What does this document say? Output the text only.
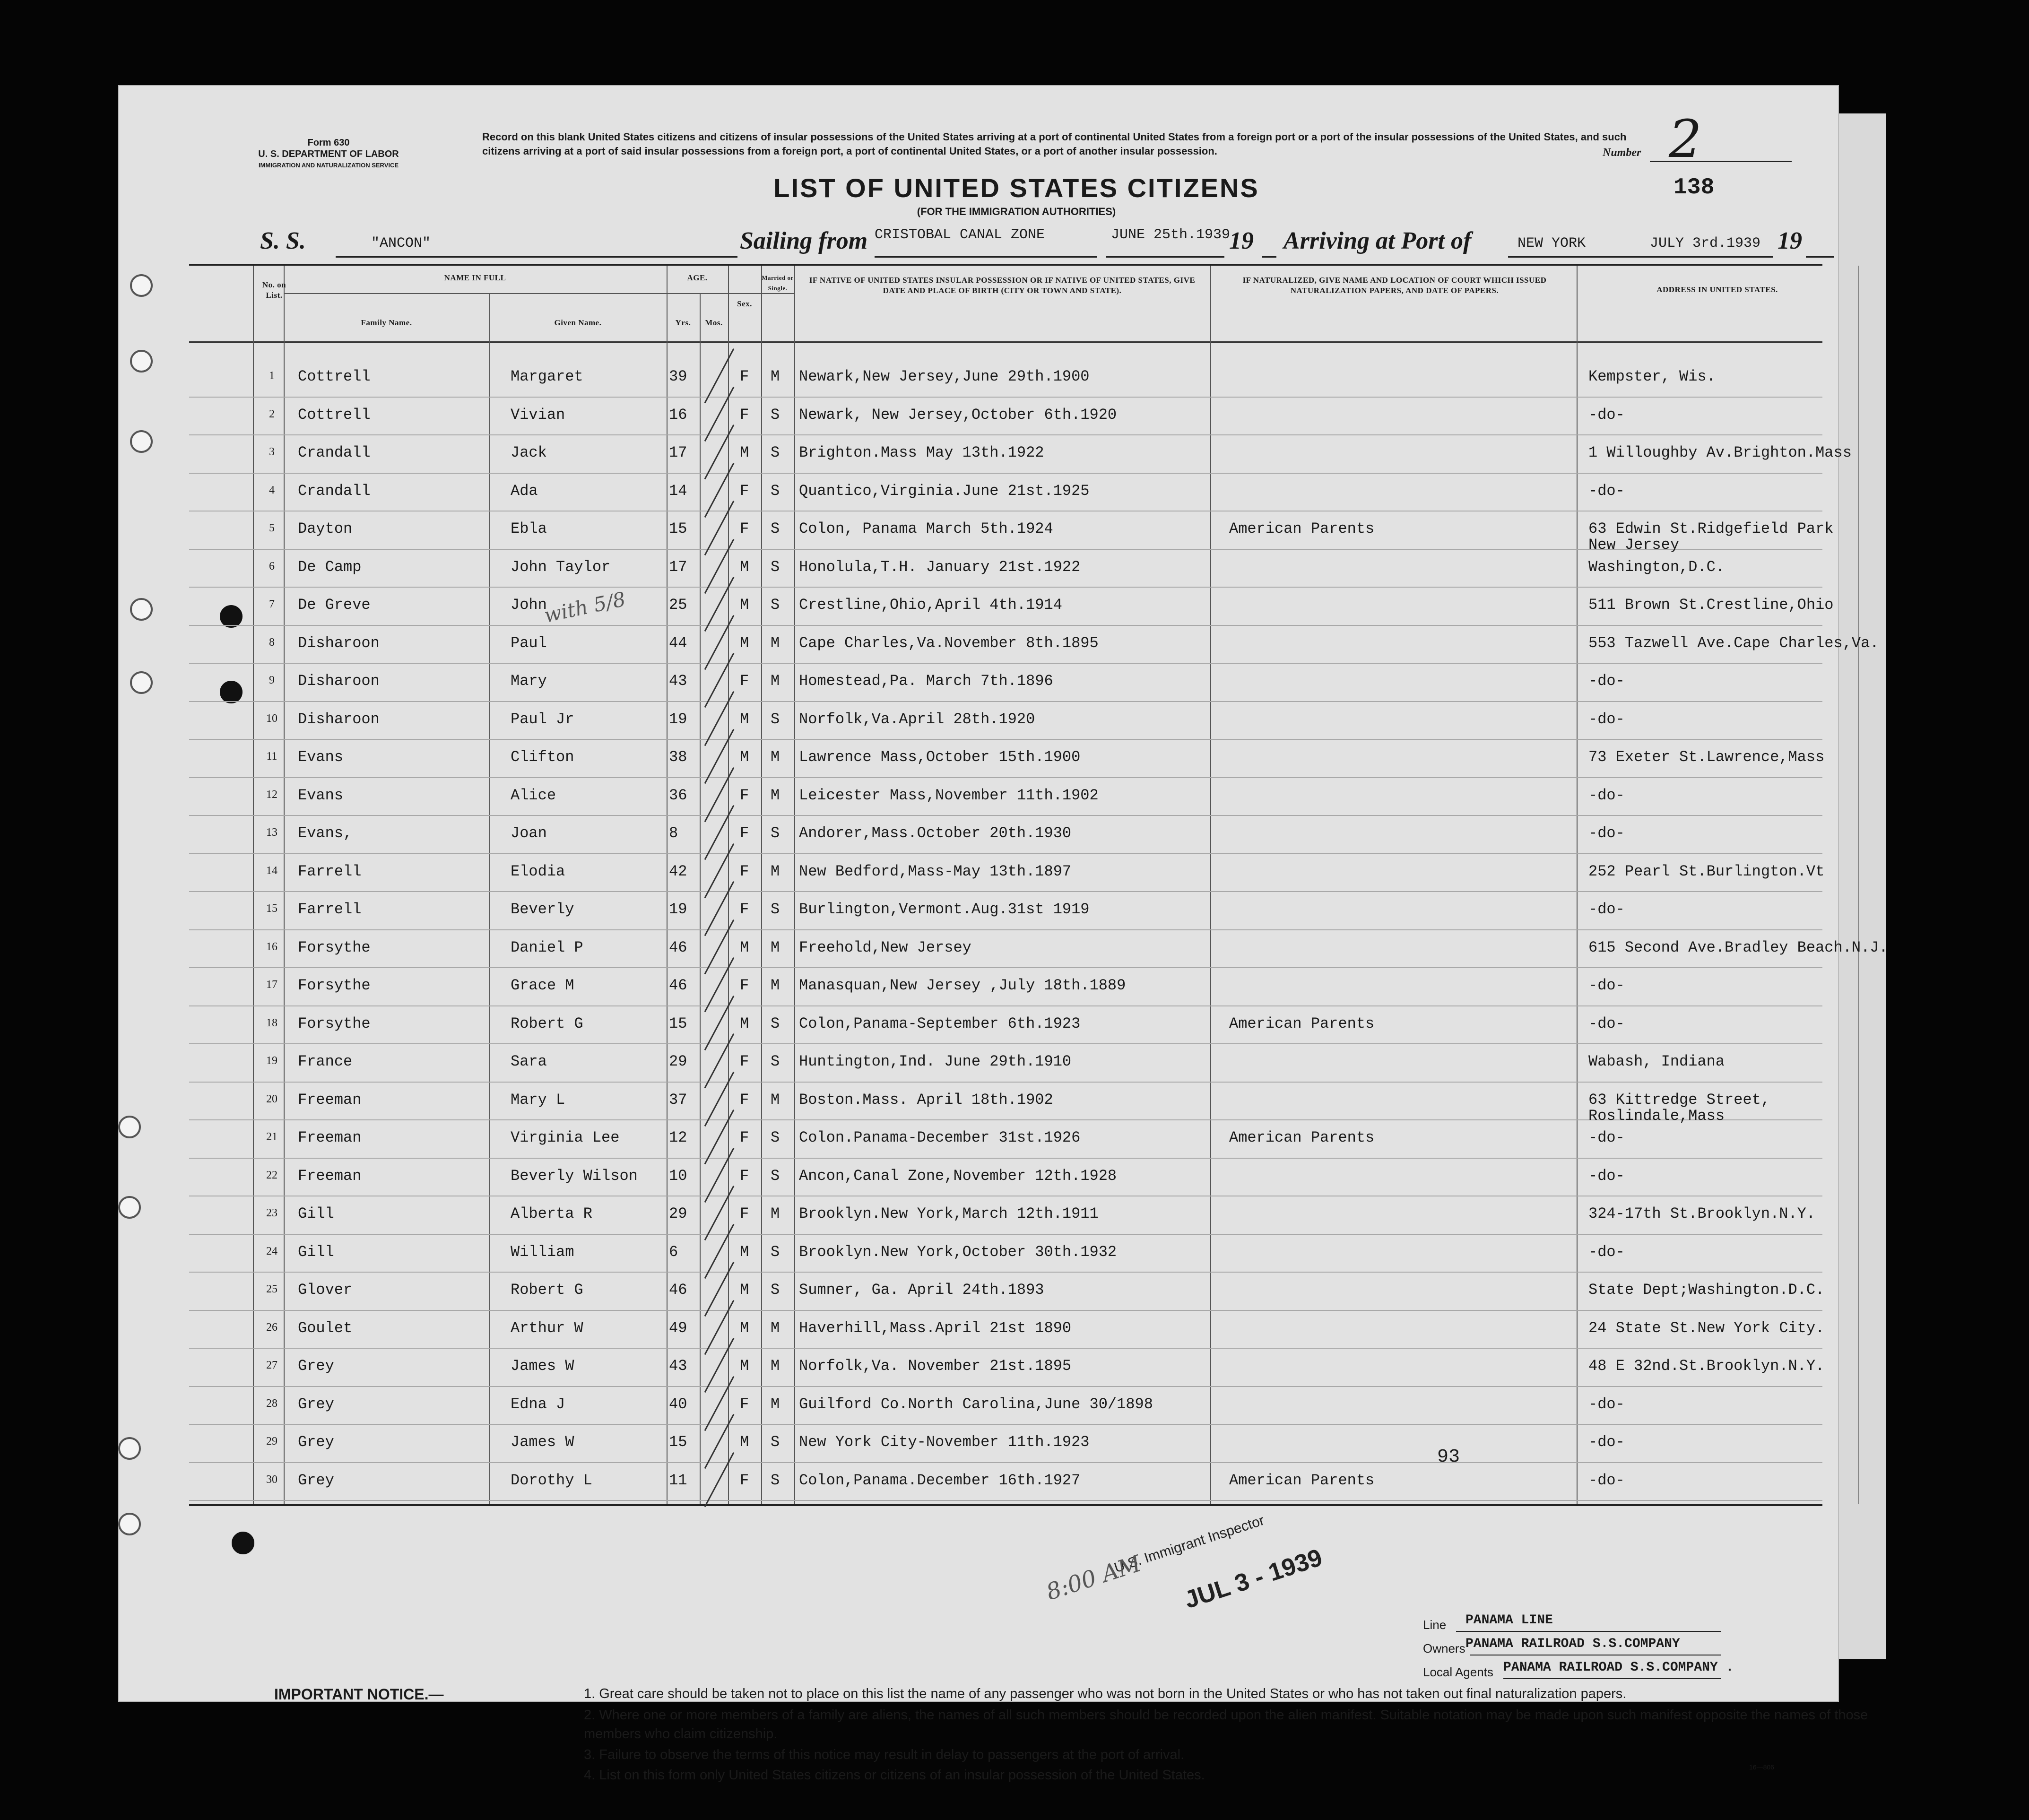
Form 630
U. S. DEPARTMENT OF LABOR
IMMIGRATION AND NATURALIZATION SERVICE
Record on this blank United States citizens and citizens of insular possessions of the United States arriving at a port of continental United States from a foreign port or a port of the insular possessions of the United States, and such citizens arriving at a port of said insular possessions from a foreign port, a port of continental United States, or a port of another insular possession.	Number 2
138
LIST OF UNITED STATES CITIZENS
(FOR THE IMMIGRATION AUTHORITIES)
S. S.	"ANCON"	Sailing from CRISTOBAL CANAL ZONE	JUNE 25th.1939
19 Arriving at Port of	NEW YORK	JULY 3rd.1939 19
No. on List.
NAME IN FULL
Family Name.	Given Name.
AGE.
Yrs.	Mos.
Sex.
Married or Single.
IF NATIVE OF UNITED STATES INSULAR POSSESSION OR IF NATIVE OF UNITED STATES, GIVE DATE AND PLACE OF BIRTH (CITY OR TOWN AND STATE).
IF NATURALIZED, GIVE NAME AND LOCATION OF COURT WHICH ISSUED NATURALIZATION PAPERS, AND DATE OF PAPERS.	ADDRESS IN UNITED STATES.
1	Cottrell	Margaret	39	F M Newark,New Jersey,June 29th.1900	Kempster, Wis.
2	Cottrell	Vivian	16	F S Newark, New Jersey,October 6th.1920	-do-
3	Crandall	Jack	17	M S Brighton.Mass May 13th.1922	1 Willoughby Av.Brighton.Mass
4	Crandall	Ada	14	F S Quantico,Virginia.June 21st.1925	-do-
5	Dayton	Ebla	15	F S Colon, Panama March 5th.1924	American Parents	63 Edwin St.Ridgefield Park
New Jersey
6	De Camp	John Taylor	17	M S Honolula,T.H. January 21st.1922	Washington,D.C.
7	De Greve	John	25	M S Crestline,Ohio,April 4th.1914	511 Brown St.Crestline,Ohio
8	Disharoon	Paul	44	M M Cape Charles,Va.November 8th.1895	553 Tazwell Ave.Cape Charles,Va.
9	Disharoon	Mary	43	F M Homestead,Pa. March 7th.1896	-do-
10	Disharoon	Paul Jr	19	M S Norfolk,Va.April 28th.1920	-do-
11	Evans	Clifton	38	M M Lawrence Mass,October 15th.1900	73 Exeter St.Lawrence,Mass
12	Evans	Alice	36	F M Leicester Mass,November 11th.1902	-do-
13	Evans,	Joan	8	F S Andorer,Mass.October 20th.1930	-do-
14	Farrell	Elodia	42	F M New Bedford,Mass-May 13th.1897	252 Pearl St.Burlington.Vt
15	Farrell	Beverly	19	F S Burlington,Vermont.Aug.31st 1919	-do-
16	Forsythe	Daniel P	46	M M Freehold,New Jersey	615 Second Ave.Bradley Beach.N.J.
17	Forsythe	Grace M	46	F M Manasquan,New Jersey ,July 18th.1889	-do-
18	Forsythe	Robert G	15	M S Colon,Panama-September 6th.1923	American Parents	-do-
19	France	Sara	29	F S Huntington,Ind. June 29th.1910	Wabash, Indiana
20	Freeman	Mary L	37	F M Boston.Mass. April 18th.1902	63 Kittredge Street,
Roslindale,Mass
21	Freeman	Virginia Lee	12	F S Colon.Panama-December 31st.1926	American Parents	-do-
22	Freeman	Beverly Wilson 10	F S Ancon,Canal Zone,November 12th.1928	-do-
23	Gill	Alberta R	29	F M Brooklyn.New York,March 12th.1911	324-17th St.Brooklyn.N.Y.
24	Gill	William	6	M S Brooklyn.New York,October 30th.1932	-do-
25	Glover	Robert G	46	M S Sumner, Ga. April 24th.1893	State Dept;Washington.D.C.
26	Goulet	Arthur W	49	M M Haverhill,Mass.April 21st 1890	24 State St.New York City.
27	Grey	James W	43	M M Norfolk,Va. November 21st.1895	48 E 32nd.St.Brooklyn.N.Y.
28	Grey	Edna J	40	F M Guilford Co.North Carolina,June 30/1898	-do-
29	Grey	James W	15	M S New York City-November 11th.1923	-do-
30	Grey	Dorothy L	11	F S Colon,Panama.December 16th.1927	American Parents	-do-
with 5/8
93
U.S. Immigrant Inspector
JUL 3 - 1939
8:00 AM
Line PANAMA LINE
Owners PANAMA RAILROAD S.S.COMPANY
Local Agents PANAMA RAILROAD S.S.COMPANY .
IMPORTANT NOTICE.—	1. Great care should be taken not to place on this list the name of any passenger who was not born in the United States or who has not taken out final naturalization papers.
2. Where one or more members of a family are aliens, the names of all such members should be recorded upon the alien manifest. Suitable notation may be made upon such manifest opposite the names of those members who claim citizenship.
3. Failure to observe the terms of this notice may result in delay to passengers at the port of arrival.
4. List on this form only United States citizens or citizens of an insular possession of the United States.
16—806
